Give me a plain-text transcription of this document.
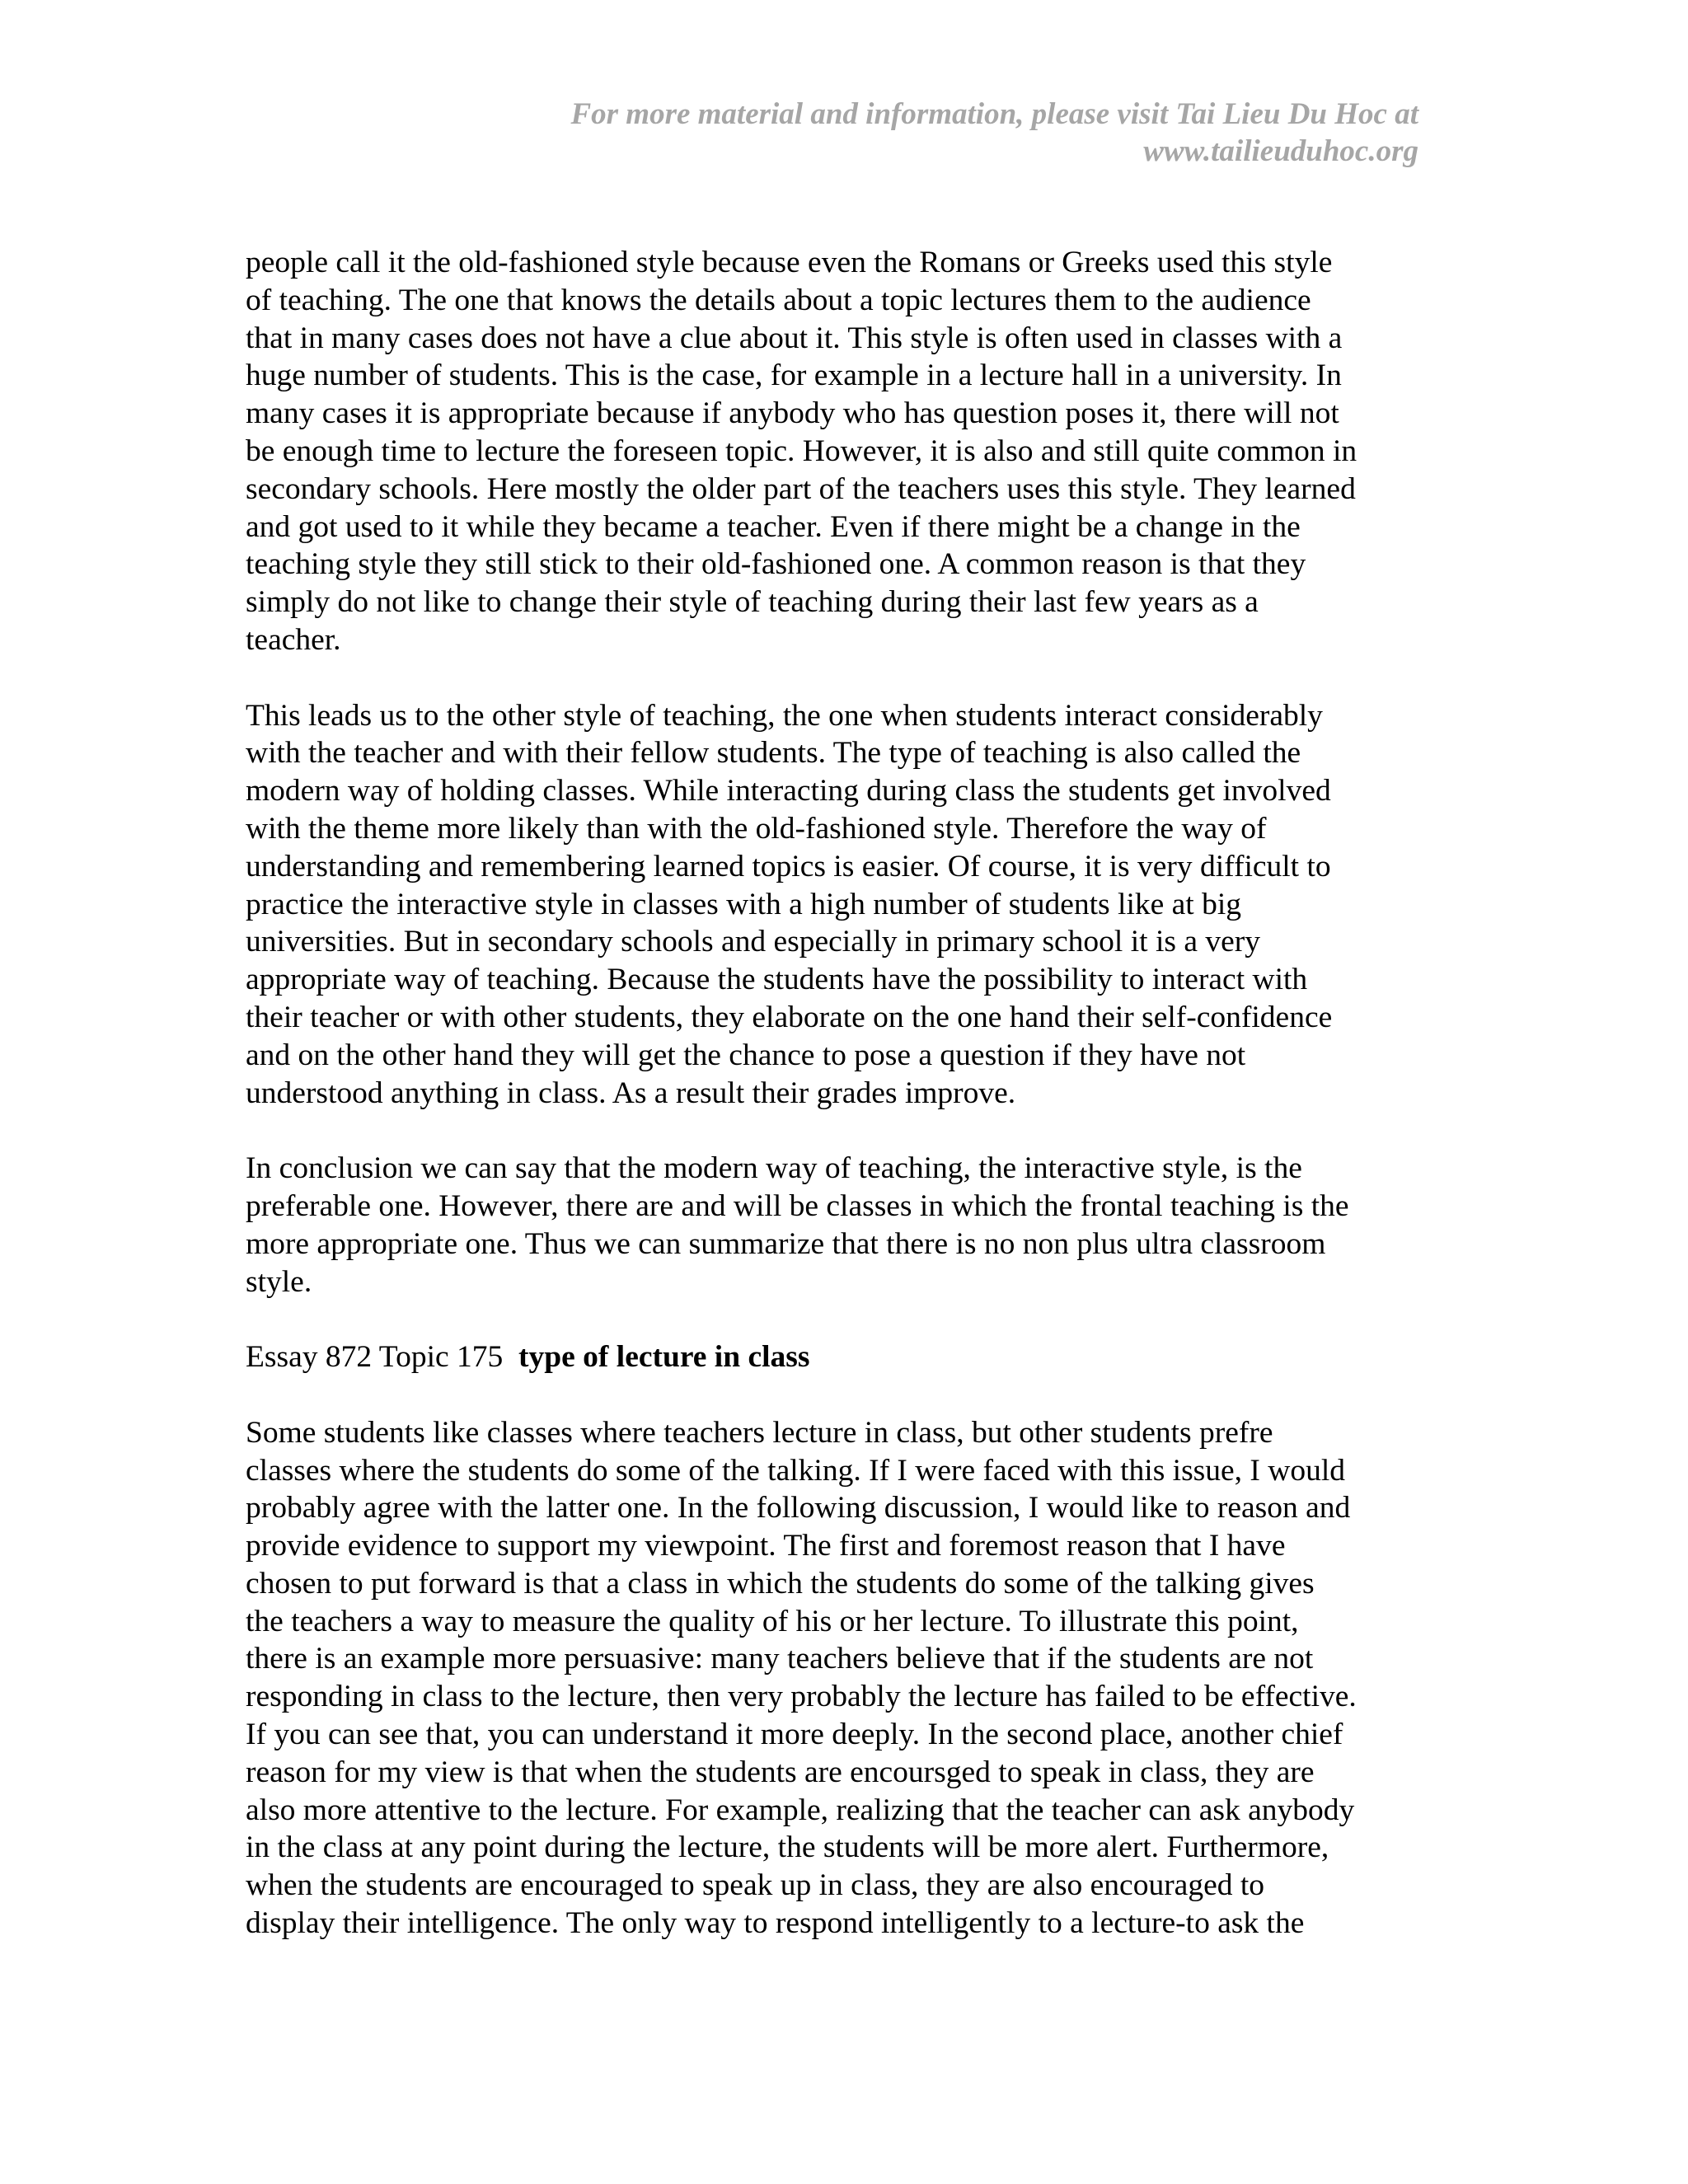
For more material and information, please visit Tai Lieu Du Hoc at
www.tailieuduhoc.org
people call it the old-fashioned style because even the Romans or Greeks used this style
of teaching. The one that knows the details about a topic lectures them to the audience
that in many cases does not have a clue about it. This style is often used in classes with a
huge number of students. This is the case, for example in a lecture hall in a university. In
many cases it is appropriate because if anybody who has question poses it, there will not
be enough time to lecture the foreseen topic. However, it is also and still quite common in
secondary schools. Here mostly the older part of the teachers uses this style. They learned
and got used to it while they became a teacher. Even if there might be a change in the
teaching style they still stick to their old-fashioned one. A common reason is that they
simply do not like to change their style of teaching during their last few years as a
teacher.
This leads us to the other style of teaching, the one when students interact considerably
with the teacher and with their fellow students. The type of teaching is also called the
modern way of holding classes. While interacting during class the students get involved
with the theme more likely than with the old-fashioned style. Therefore the way of
understanding and remembering learned topics is easier. Of course, it is very difficult to
practice the interactive style in classes with a high number of students like at big
universities. But in secondary schools and especially in primary school it is a very
appropriate way of teaching. Because the students have the possibility to interact with
their teacher or with other students, they elaborate on the one hand their self-confidence
and on the other hand they will get the chance to pose a question if they have not
understood anything in class. As a result their grades improve.
In conclusion we can say that the modern way of teaching, the interactive style, is the
preferable one. However, there are and will be classes in which the frontal teaching is the
more appropriate one. Thus we can summarize that there is no non plus ultra classroom
style.
Essay 872 Topic 175 type of lecture in class
Some students like classes where teachers lecture in class, but other students prefre
classes where the students do some of the talking. If I were faced with this issue, I would
probably agree with the latter one. In the following discussion, I would like to reason and
provide evidence to support my viewpoint. The first and foremost reason that I have
chosen to put forward is that a class in which the students do some of the talking gives
the teachers a way to measure the quality of his or her lecture. To illustrate this point,
there is an example more persuasive: many teachers believe that if the students are not
responding in class to the lecture, then very probably the lecture has failed to be effective.
If you can see that, you can understand it more deeply. In the second place, another chief
reason for my view is that when the students are encoursged to speak in class, they are
also more attentive to the lecture. For example, realizing that the teacher can ask anybody
in the class at any point during the lecture, the students will be more alert. Furthermore,
when the students are encouraged to speak up in class, they are also encouraged to
display their intelligence. The only way to respond intelligently to a lecture-to ask the
